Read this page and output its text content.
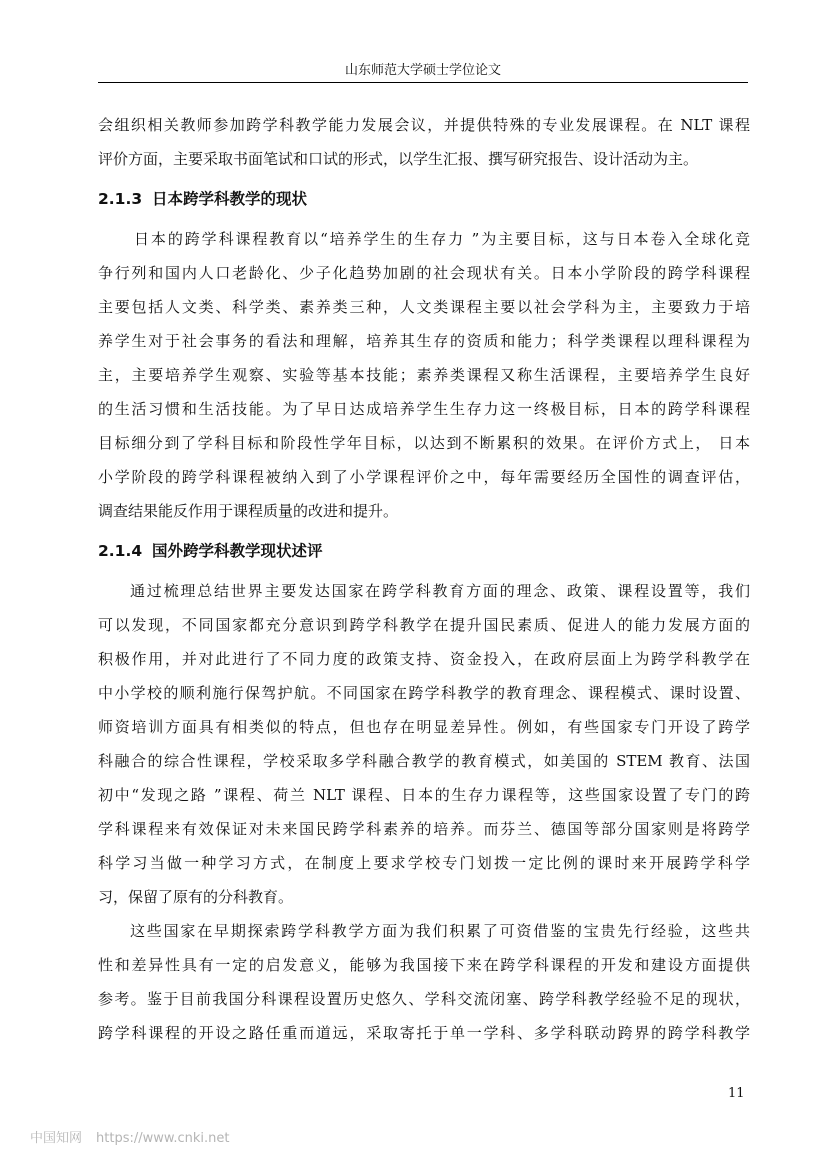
山东师范大学硕士学位论文
会组织相关教师参加跨学科教学能力发展会议，并提供特殊的专业发展课程。在 NLT 课程
评价方面，主要采取书面笔试和口试的形式，以学生汇报、撰写研究报告、设计活动为主。
2.1.3 日本跨学科教学的现状
日本的跨学科课程教育以“培养学生的生存力 ”为主要目标，这与日本卷入全球化竞
争行列和国内人口老龄化、少子化趋势加剧的社会现状有关。日本小学阶段的跨学科课程
主要包括人文类、科学类、素养类三种，人文类课程主要以社会学科为主，主要致力于培
养学生对于社会事务的看法和理解，培养其生存的资质和能力；科学类课程以理科课程为
主，主要培养学生观察、实验等基本技能；素养类课程又称生活课程，主要培养学生良好
的生活习惯和生活技能。为了早日达成培养学生生存力这一终极目标，日本的跨学科课程
目标细分到了学科目标和阶段性学年目标，以达到不断累积的效果。在评价方式上， 日本
小学阶段的跨学科课程被纳入到了小学课程评价之中，每年需要经历全国性的调查评估，
调查结果能反作用于课程质量的改进和提升。
2.1.4 国外跨学科教学现状述评
通过梳理总结世界主要发达国家在跨学科教育方面的理念、政策、课程设置等，我们
可以发现，不同国家都充分意识到跨学科教学在提升国民素质、促进人的能力发展方面的
积极作用，并对此进行了不同力度的政策支持、资金投入，在政府层面上为跨学科教学在
中小学校的顺利施行保驾护航。不同国家在跨学科教学的教育理念、课程模式、课时设置、
师资培训方面具有相类似的特点，但也存在明显差异性。例如，有些国家专门开设了跨学
科融合的综合性课程，学校采取多学科融合教学的教育模式，如美国的 STEM 教育、法国
初中“发现之路 ”课程、荷兰 NLT 课程、日本的生存力课程等，这些国家设置了专门的跨
学科课程来有效保证对未来国民跨学科素养的培养。而芬兰、德国等部分国家则是将跨学
科学习当做一种学习方式，在制度上要求学校专门划拨一定比例的课时来开展跨学科学
习，保留了原有的分科教育。
这些国家在早期探索跨学科教学方面为我们积累了可资借鉴的宝贵先行经验，这些共
性和差异性具有一定的启发意义，能够为我国接下来在跨学科课程的开发和建设方面提供
参考。鉴于目前我国分科课程设置历史悠久、学科交流闭塞、跨学科教学经验不足的现状，
跨学科课程的开设之路任重而道远，采取寄托于单一学科、多学科联动跨界的跨学科教学
11
中国知网 https://www.cnki.net
